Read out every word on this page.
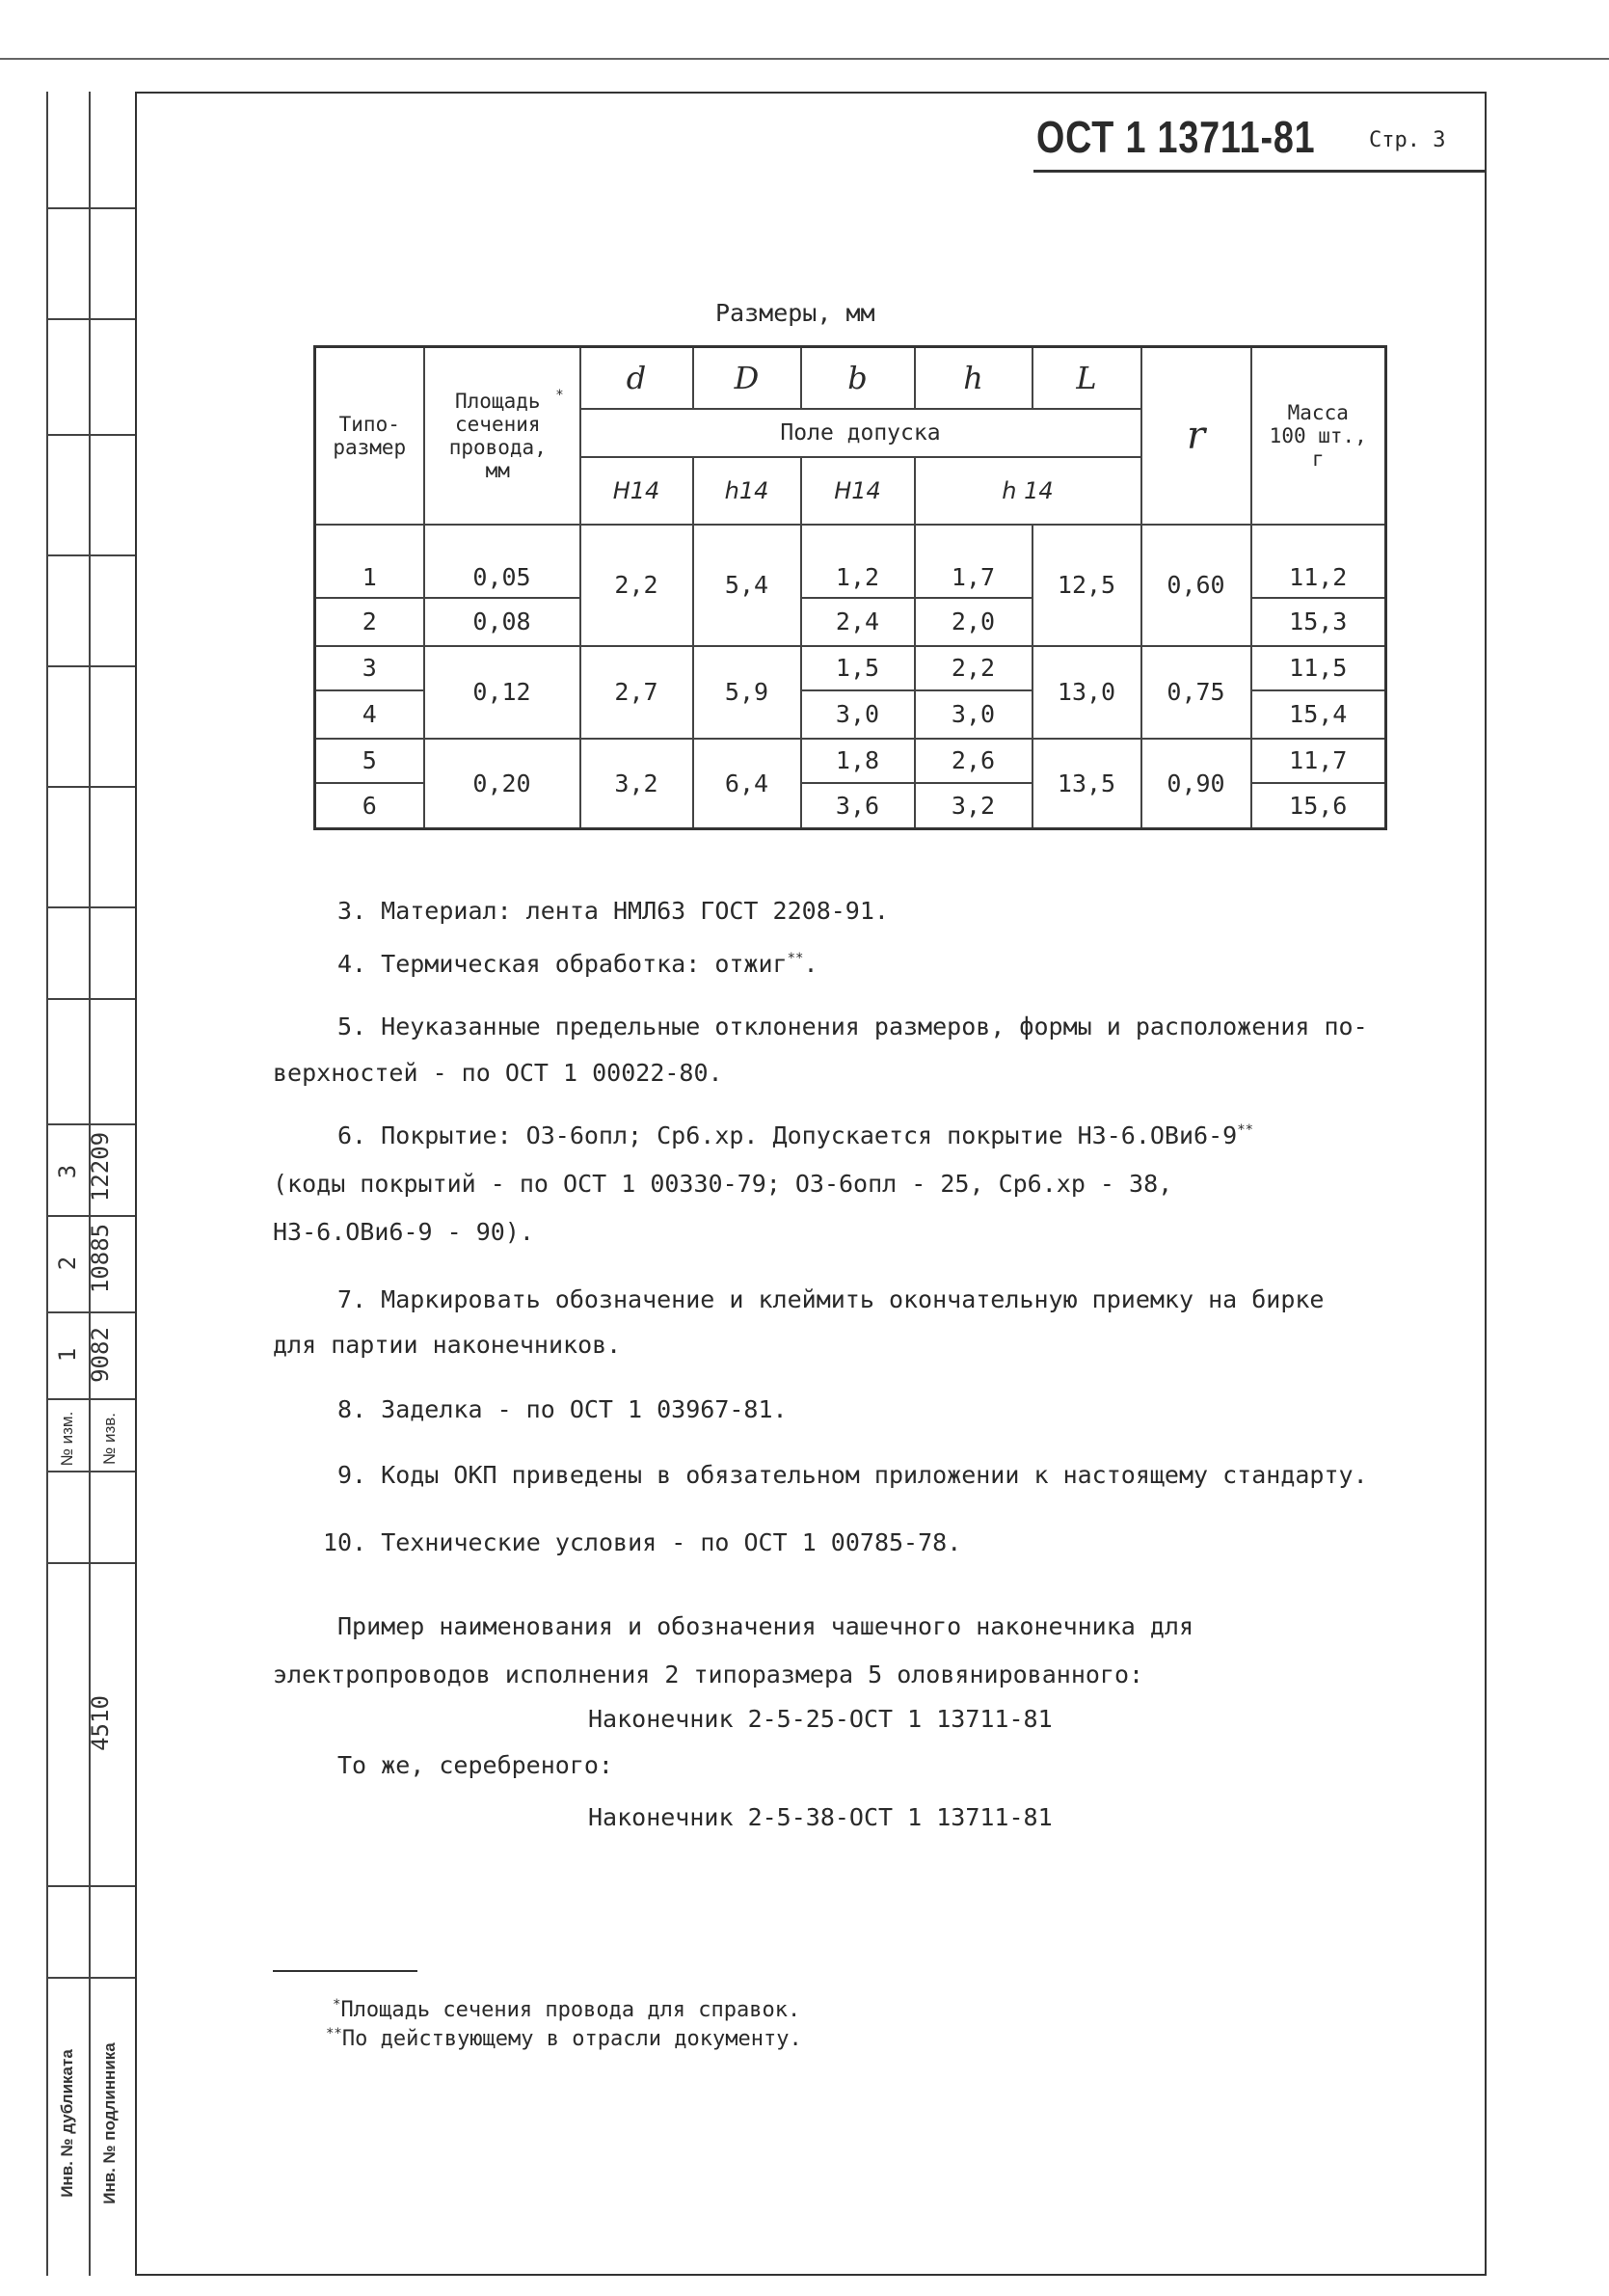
1
2
3
9082
10885
12209
№ изм.	№ изв.
4510
Инв. № дубликата	Инв. № подлинника
ОСТ 1 13711-81	Стр. 3
Размеры, мм
Типо-размер	Площадь сечения провода, мм*	d	D	b	h	L	r	Масса 100 шт., г
		Поле допуска						
		H14	h14	H14	h 14			
1	0,05	2,2	5,4	1,2	1,7	12,5	0,60	11,2
2	0,08			2,4	2,0			15,3
3	0,12	2,7	5,9	1,5	2,2	13,0	0,75	11,5
4				3,0	3,0			15,4
5	0,20	3,2	6,4	1,8	2,6	13,5	0,90	11,7
6				3,6	3,2			15,6
3. Материал: лента НМЛ63 ГОСТ 2208-91.
4. Термическая обработка: отжиг**.
5. Неуказанные предельные отклонения размеров, формы и расположения по-
верхностей - по ОСТ 1 00022-80.
6. Покрытие: О3-6опл; Ср6.хр. Допускается покрытие Н3-6.ОВи6-9**
(коды покрытий - по ОСТ 1 00330-79; О3-6опл - 25, Ср6.хр - 38,
Н3-6.ОВи6-9 - 90).
7. Маркировать обозначение и клеймить окончательную приемку на бирке
для партии наконечников.
8. Заделка - по ОСТ 1 03967-81.
9. Коды ОКП приведены в обязательном приложении к настоящему стандарту.
10. Технические условия - по ОСТ 1 00785-78.
Пример наименования и обозначения чашечного наконечника для
электропроводов исполнения 2 типоразмера 5 оловянированного:
Наконечник 2-5-25-ОСТ 1 13711-81
То же, серебреного:
Наконечник 2-5-38-ОСТ 1 13711-81
*Площадь сечения провода для справок.
**По действующему в отрасли документу.
